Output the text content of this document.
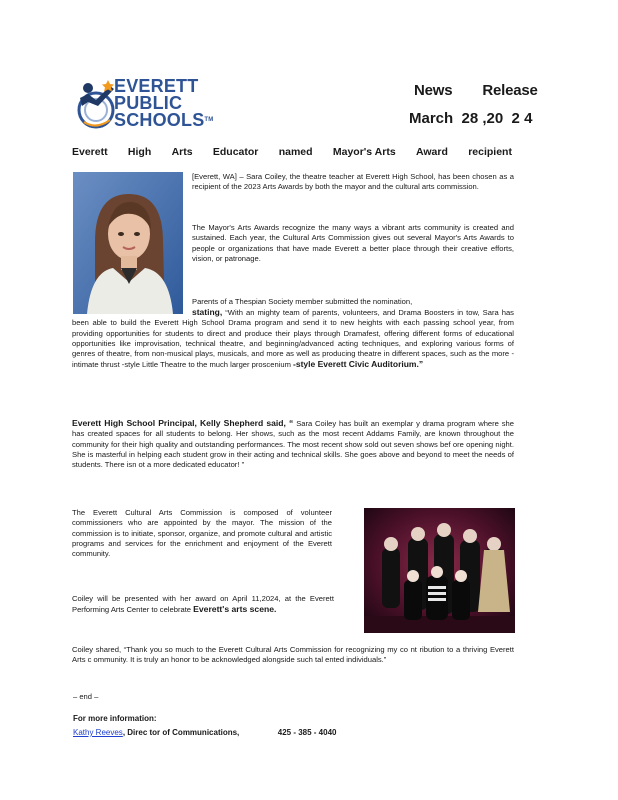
EVERETT
PUBLIC
SCHOOLS™
News Release
March  28 ,20  2 4
Everett High Arts Educator named Mayor's Arts Award recipient
[Everett, WA] – Sara Coiley, the theatre teacher at Everett High School, has been chosen as a recipient of the 2023 Arts Awards by both the mayor and the cultural arts commission.
The Mayor's Arts Awards recognize the many ways a vibrant arts community is created and sustained. Each year, the Cultural Arts Commission gives out several Mayor's Arts Awards to people or organizations that have made Everett a better place through their creative efforts, vision, or patronage.
Parents of a Thespian Society member submitted the nomination,
stating, “With an mighty team of parents, volunteers, and Drama Boosters in tow, Sara has been able to build the Everett High School Drama program and send it to new heights with each passing school year, from providing opportunities for students to direct and produce their plays through Dramafest, offering different forms of educational opportunities like improvisation, technical theatre, and beginning/advanced acting techniques, and exploring various forms of genres of theatre, from non-musical plays, musicals, and more as well as producing theatre in different spaces, such as the more -intimate thrust -style Little Theatre to the much larger proscenium -style Everett Civic Auditorium.”
Everett High School Principal, Kelly Shepherd said, “ Sara Coiley has built an exemplar y drama program where she has created spaces for all students to belong. Her shows, such as the most recent Addams Family, are known throughout the community for their high quality and outstanding performances. The most recent show sold out seven shows bef ore opening night. She is masterful in helping each student grow in their acting and technical skills. She goes above and beyond to meet the needs of students. There isn ot a more dedicated educator! ”
The Everett Cultural Arts Commission is composed of volunteer commissioners who are appointed by the mayor. The mission of the commission is to initiate, sponsor, organize, and promote cultural and artistic programs and services for the enrichment and enjoyment of the Everett community.
Coiley will be presented with her award on April 11,2024, at the Everett Performing Arts Center to celebrate Everett's arts scene.
Coiley shared, “Thank you so much to the Everett Cultural Arts Commission for recognizing my co nt ribution to a thriving Everett Arts c ommunity. It is truly an honor to be acknowledged alongside such tal ented individuals.”
– end –
For more information:
Kathy Reeves, Direc tor of Communications,	425 - 385 - 4040
